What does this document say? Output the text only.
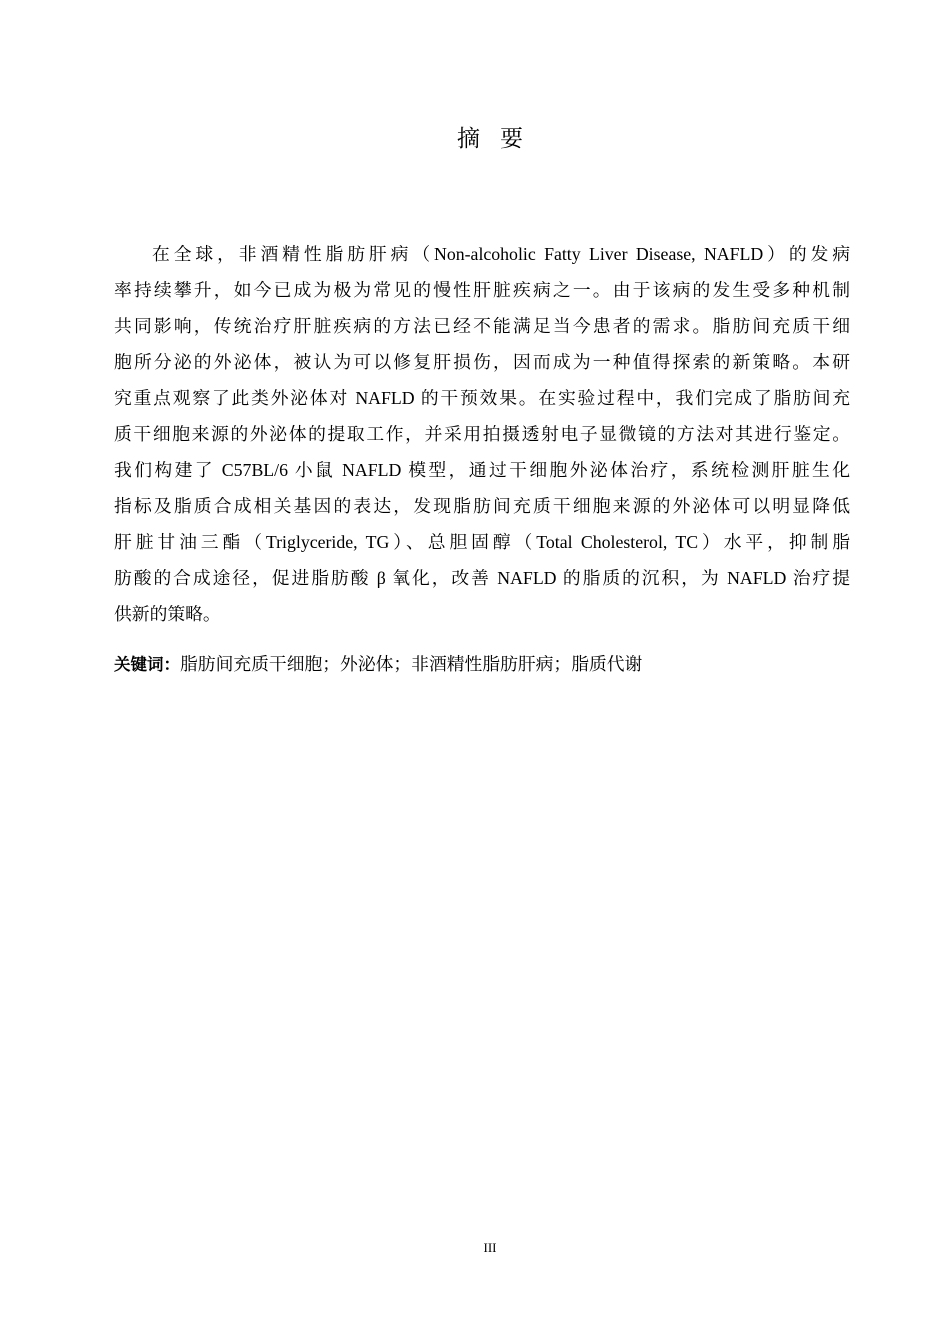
摘 要
在全球，非酒精性脂肪肝病（Non-alcoholic Fatty Liver Disease, NAFLD）的发病
率持续攀升，如今已成为极为常见的慢性肝脏疾病之一。由于该病的发生受多种机制
共同影响，传统治疗肝脏疾病的方法已经不能满足当今患者的需求。脂肪间充质干细
胞所分泌的外泌体，被认为可以修复肝损伤，因而成为一种值得探索的新策略。本研
究重点观察了此类外泌体对 NAFLD 的干预效果。在实验过程中，我们完成了脂肪间充
质干细胞来源的外泌体的提取工作，并采用拍摄透射电子显微镜的方法对其进行鉴定。
我们构建了 C57BL/6 小鼠 NAFLD 模型，通过干细胞外泌体治疗，系统检测肝脏生化
指标及脂质合成相关基因的表达，发现脂肪间充质干细胞来源的外泌体可以明显降低
肝脏甘油三酯（Triglyceride, TG）、总胆固醇（Total Cholesterol, TC）水平，抑制脂
肪酸的合成途径，促进脂肪酸 β 氧化，改善 NAFLD 的脂质的沉积，为 NAFLD 治疗提
供新的策略。
关键词：脂肪间充质干细胞；外泌体；非酒精性脂肪肝病；脂质代谢
III
